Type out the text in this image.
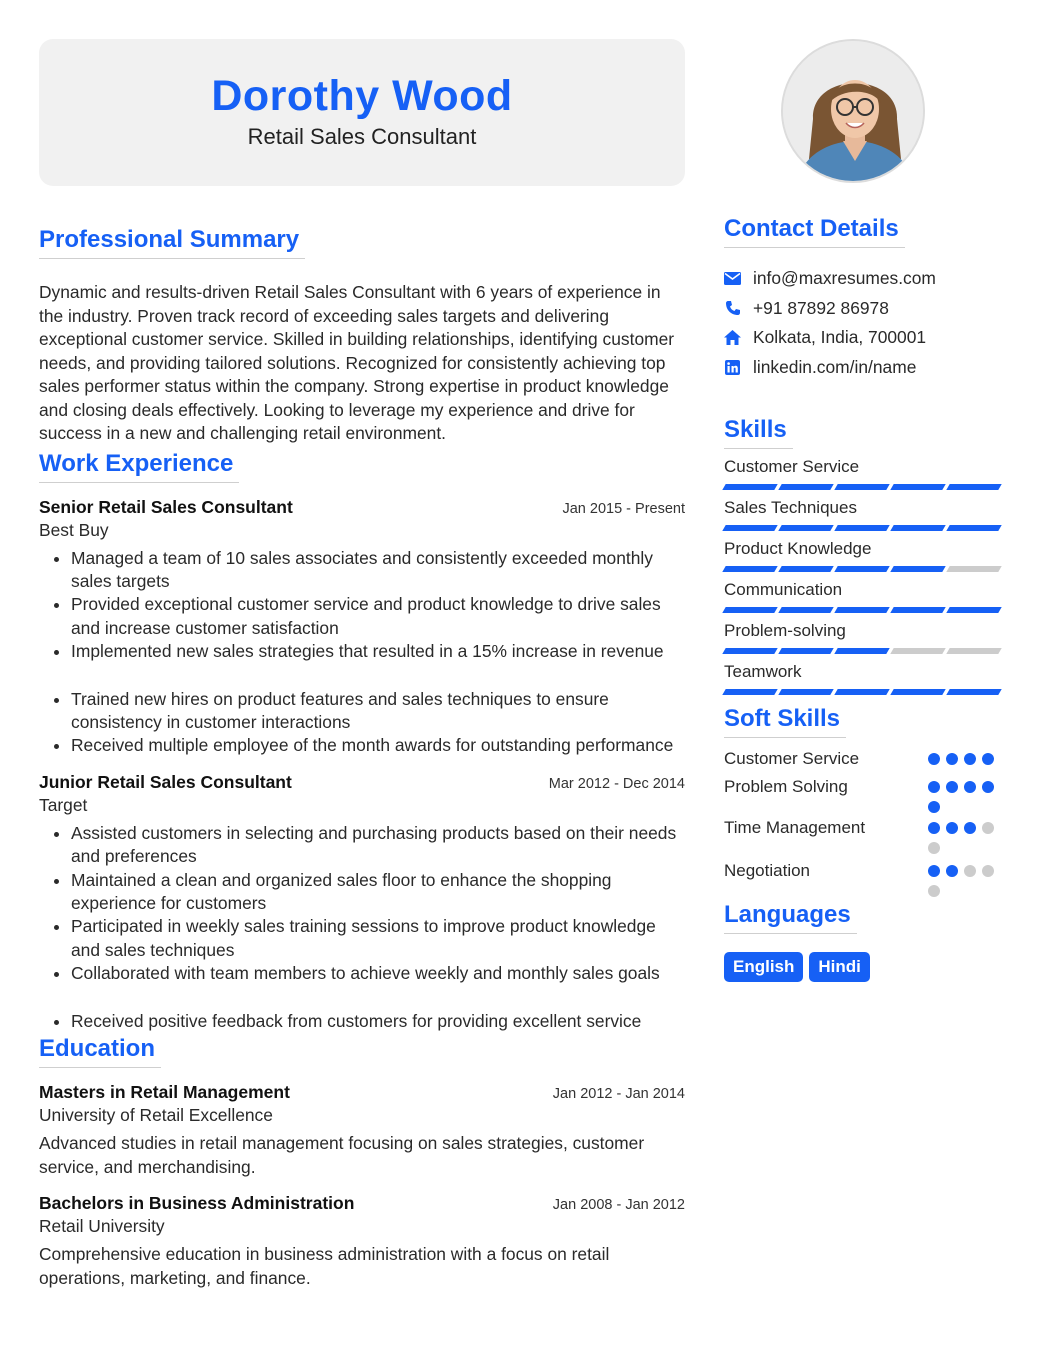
Dorothy Wood
Retail Sales Consultant
Professional Summary

Dynamic and results-driven Retail Sales Consultant with 6 years of experience in the industry. Proven track record of exceeding sales targets and delivering exceptional customer service. Skilled in building relationships, identifying customer needs, and providing tailored solutions. Recognized for consistently achieving top sales performer status within the company. Strong expertise in product knowledge and closing deals effectively. Looking to leverage my experience and drive for success in a new and challenging retail environment.

Work Experience
Senior Retail Sales Consultant	Jan 2015 - Present
Best Buy
• Managed a team of 10 sales associates and consistently exceeded monthly sales targets
• Provided exceptional customer service and product knowledge to drive sales and increase customer satisfaction
• Implemented new sales strategies that resulted in a 15% increase in revenue
• Trained new hires on product features and sales techniques to ensure consistency in customer interactions
• Received multiple employee of the month awards for outstanding performance
Junior Retail Sales Consultant	Mar 2012 - Dec 2014
Target
• Assisted customers in selecting and purchasing products based on their needs and preferences
• Maintained a clean and organized sales floor to enhance the shopping experience for customers
• Participated in weekly sales training sessions to improve product knowledge and sales techniques
• Collaborated with team members to achieve weekly and monthly sales goals
• Received positive feedback from customers for providing excellent service
Education
Masters in Retail Management	Jan 2012 - Jan 2014
University of Retail Excellence

Advanced studies in retail management focusing on sales strategies, customer service, and merchandising.

Bachelors in Business Administration	Jan 2008 - Jan 2012
Retail University

Comprehensive education in business administration with a focus on retail operations, marketing, and finance.

Contact Details
info@maxresumes.com
+91 87892 86978
Kolkata, India, 700001
linkedin.com/in/name
Skills
Customer Service
Sales Techniques
Product Knowledge
Communication
Problem-solving
Teamwork
Soft Skills
Customer Service
Problem Solving
Time Management
Negotiation
Languages
English	Hindi
